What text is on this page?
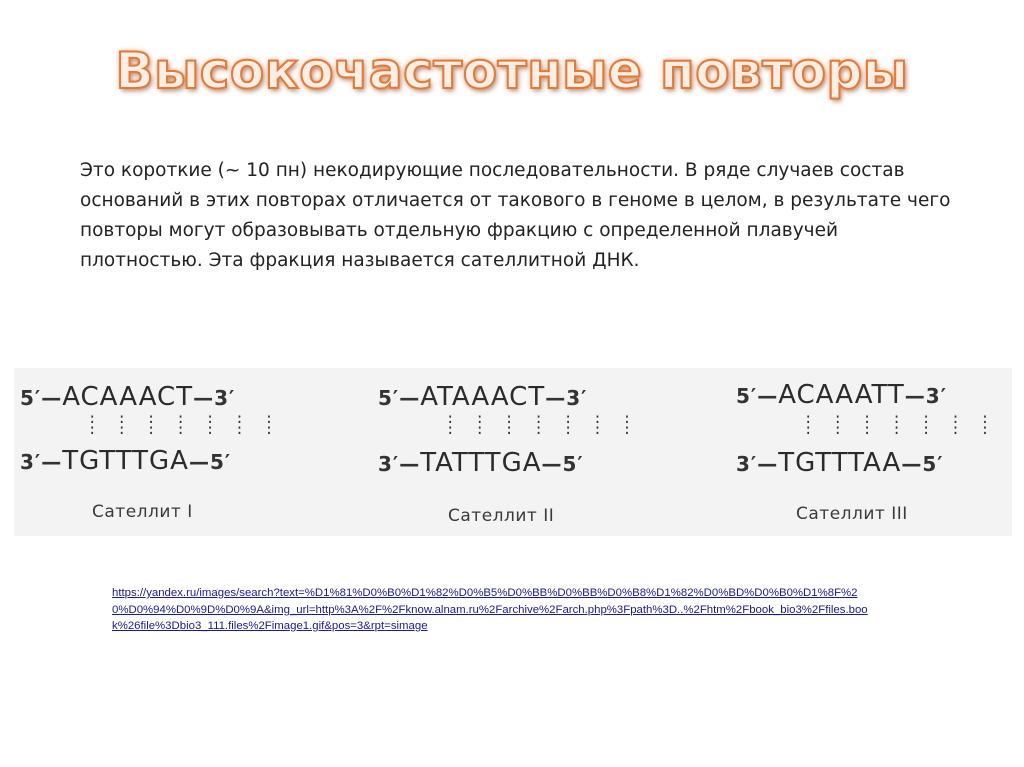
Высокочастотные повторы

Это короткие (~ 10 пн) некодирующие последовательности. В ряде случаев состав оснований в этих повторах отличается от такового в геноме в целом, в результате чего повторы могут образовывать отдельную фракцию с определенной плавучей плотностью. Эта фракция называется сателлитной ДНК.

5′—ACAAACT—3′
: : : : : : :
: : : : : : :
3′—TGTTTGA—5′
Сателлит I
5′—ATAAACT—3′
: : : : : : :
: : : : : : :
3′—TATTTGA—5′
Сателлит II
5′—ACAAATT—3′
: : : : : : :
: : : : : : :
3′—TGTTTAA—5′
Сателлит III

https://yandex.ru/images/search?text=%D1%81%D0%B0%D1%82%D0%B5%D0%BB%D0%BB%D0%B8%D1%82%D0%BD%D0%B0%D1%8F%20%D0%94%D0%9D%D0%9A&img_url=http%3A%2F%2Fknow.alnam.ru%2Farchive%2Farch.php%3Fpath%3D..%2Fhtm%2Fbook_bio3%2Ffiles.book%26file%3Dbio3_111.files%2Fimage1.gif&pos=3&rpt=simage
